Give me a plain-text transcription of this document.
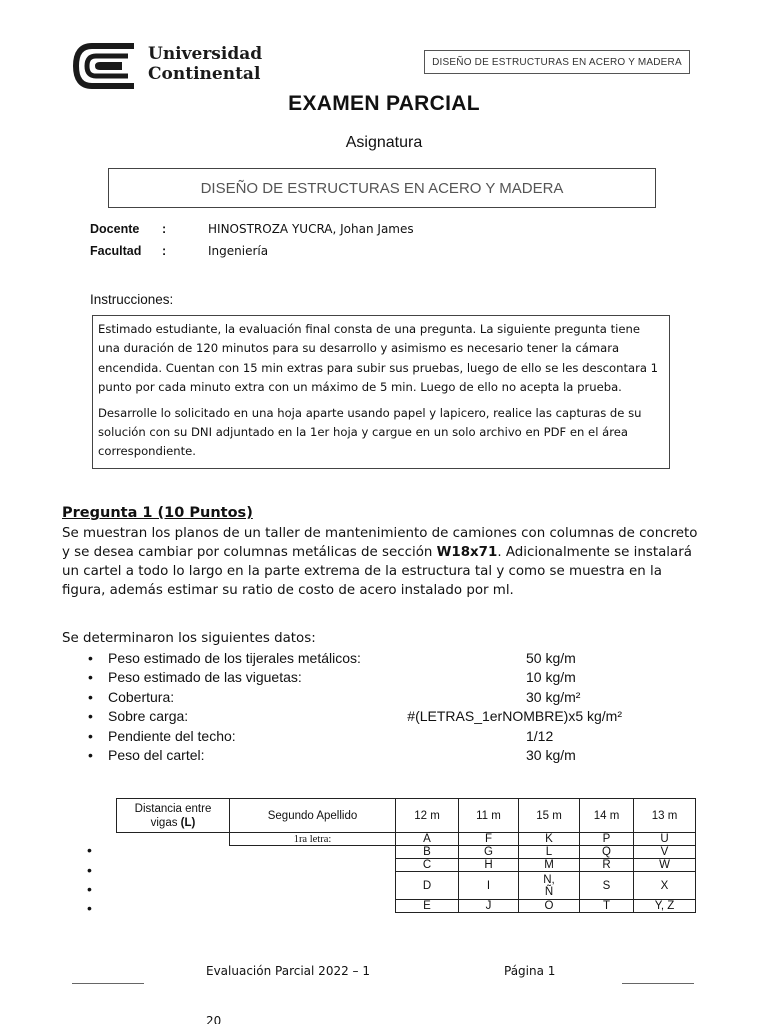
Universidad
Continental
DISEÑO DE ESTRUCTURAS EN ACERO Y MADERA
EXAMEN PARCIAL
Asignatura
DISEÑO DE ESTRUCTURAS EN ACERO Y MADERA
Docente :	HINOSTROZA YUCRA, Johan James
Facultad :	Ingeniería
Instrucciones:

Estimado estudiante, la evaluación final consta de una pregunta. La siguiente pregunta tiene una duración de 120 minutos para su desarrollo y asimismo es necesario tener la cámara encendida. Cuentan con 15 min extras para subir sus pruebas, luego de ello se les descontara 1 punto por cada minuto extra con un máximo de 5 min. Luego de ello no acepta la prueba.

Desarrolle lo solicitado en una hoja aparte usando papel y lapicero, realice las capturas de su solución con su DNI adjuntado en la 1er hoja y cargue en un solo archivo en PDF en el área correspondiente.

Pregunta 1 (10 Puntos)
Se muestran los planos de un taller de mantenimiento de camiones con columnas de concreto y se desea cambiar por columnas metálicas de sección W18x71. Adicionalmente se instalará un cartel a todo lo largo en la parte extrema de la estructura tal y como se muestra en la figura, además estimar su ratio de costo de acero instalado por ml.
Se determinaron los siguientes datos:
• Peso estimado de los tijerales metálicos:	50 kg/m
• Peso estimado de las viguetas:	10 kg/m
• Cobertura:	30 kg/m²
• Sobre carga:	#(LETRAS_1erNOMBRE)x5 kg/m²
• Pendiente del techo:	1/12
• Peso del cartel:	30 kg/m
Distancia entre
vigas (L)	Segundo Apellido	12 m	11 m	15 m	14 m	13 m
	1ra letra:	A	F	K	P	U
		B	G	L	Q	V
		C	H	M	R	W
		D	I	N, Ñ	S	X
		E	J	O	T	Y, Z
•
•
•
•
Evaluación Parcial 2022 – 1	Página 1
20
